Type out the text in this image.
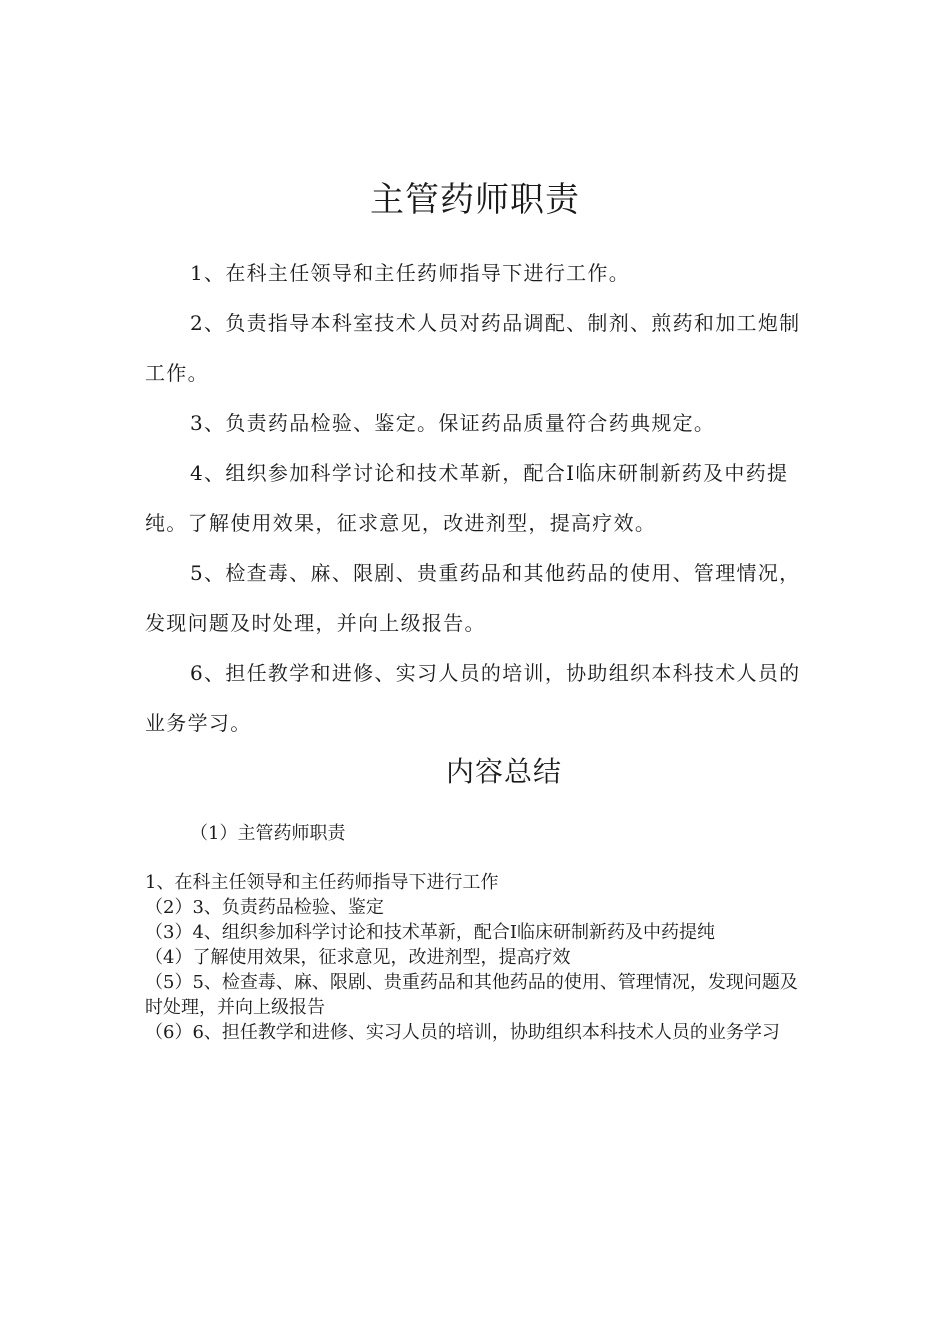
主管药师职责

1、在科主任领导和主任药师指导下进行工作。

2、负责指导本科室技术人员对药品调配、制剂、煎药和加工炮制工作。

3、负责药品检验、鉴定。保证药品质量符合药典规定。

4、组织参加科学讨论和技术革新，配合I临床研制新药及中药提纯。了解使用效果，征求意见，改进剂型，提高疗效。

5、检查毒、麻、限剧、贵重药品和其他药品的使用、管理情况，发现问题及时处理，并向上级报告。

6、担任教学和进修、实习人员的培训，协助组织本科技术人员的业务学习。

内容总结
（1）主管药师职责
1、在科主任领导和主任药师指导下进行工作
（2）3、负责药品检验、鉴定
（3）4、组织参加科学讨论和技术革新，配合I临床研制新药及中药提纯
（4）了解使用效果，征求意见，改进剂型，提高疗效
（5）5、检查毒、麻、限剧、贵重药品和其他药品的使用、管理情况，发现问题及时处理，并向上级报告
（6）6、担任教学和进修、实习人员的培训，协助组织本科技术人员的业务学习
